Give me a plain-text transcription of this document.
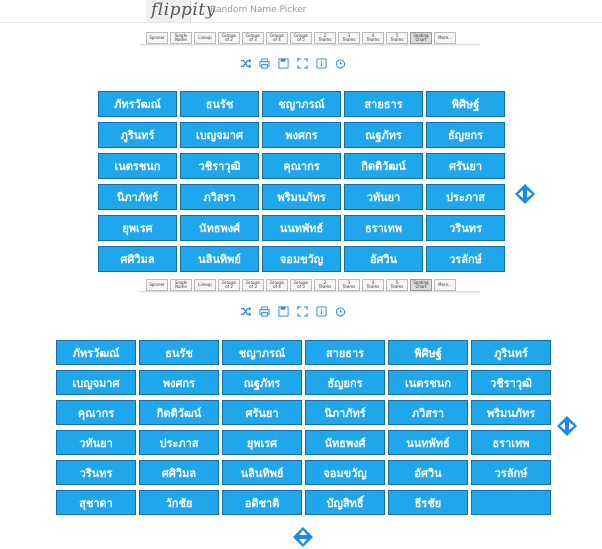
flippity
Random Name Picker
Spinner	Single
Name	Lineup	Groups
of 2
Groups
of 3
Groups
of 4
Groups
of 5
2
Teams
3
Teams
4
Teams
5
Teams
Seating
Chart	More...
ภัทรวัฒณ์	ธนรัช	ชญาภรณ์	สายธาร	พิศิษฐ์
ภูรินทร์	เบญจมาศ	พงศกร	ณฐภัทร	ธัญยกร
เนตรชนก	วชิราวุฒิ	คุณากร	กิตติวัฒน์	ศรันยา
นิภาภัทร์	ภวิสรา	พริมนภัทร	วทันยา	ประภาส
ยุพเรศ	นัทธพงศ์	นนทพัทธ์	ธราเทพ	วรินทร
ศศิวิมล	นลินทิพย์	จอมขวัญ	อัศวิน	วรลักษ์
Spinner	Single
Name	Lineup	Groups
of 2
Groups
of 3
Groups
of 4
Groups
of 5
2
Teams
3
Teams
4
Teams
5
Teams
Seating
Chart	More...
ภัทรวัฒณ์	ธนรัช	ชญาภรณ์	สายธาร	พิศิษฐ์	ภูรินทร์
เบญจมาศ	พงศกร	ณฐภัทร	ธัญยกร	เนตรชนก	วชิราวุฒิ
คุณากร	กิตติวัฒน์	ศรันยา	นิภาภัทร์	ภวิสรา	พริมนภัทร
วทันยา	ประภาส	ยุพเรศ	นัทธพงศ์	นนทพัทธ์	ธราเทพ
วรินทร	ศศิวิมล	นลินทิพย์	จอมขวัญ	อัศวิน	วรลักษ์
สุชาดา	วักชัย	อดิชาติ	บัญสิทธิ์	ธีรชัย
